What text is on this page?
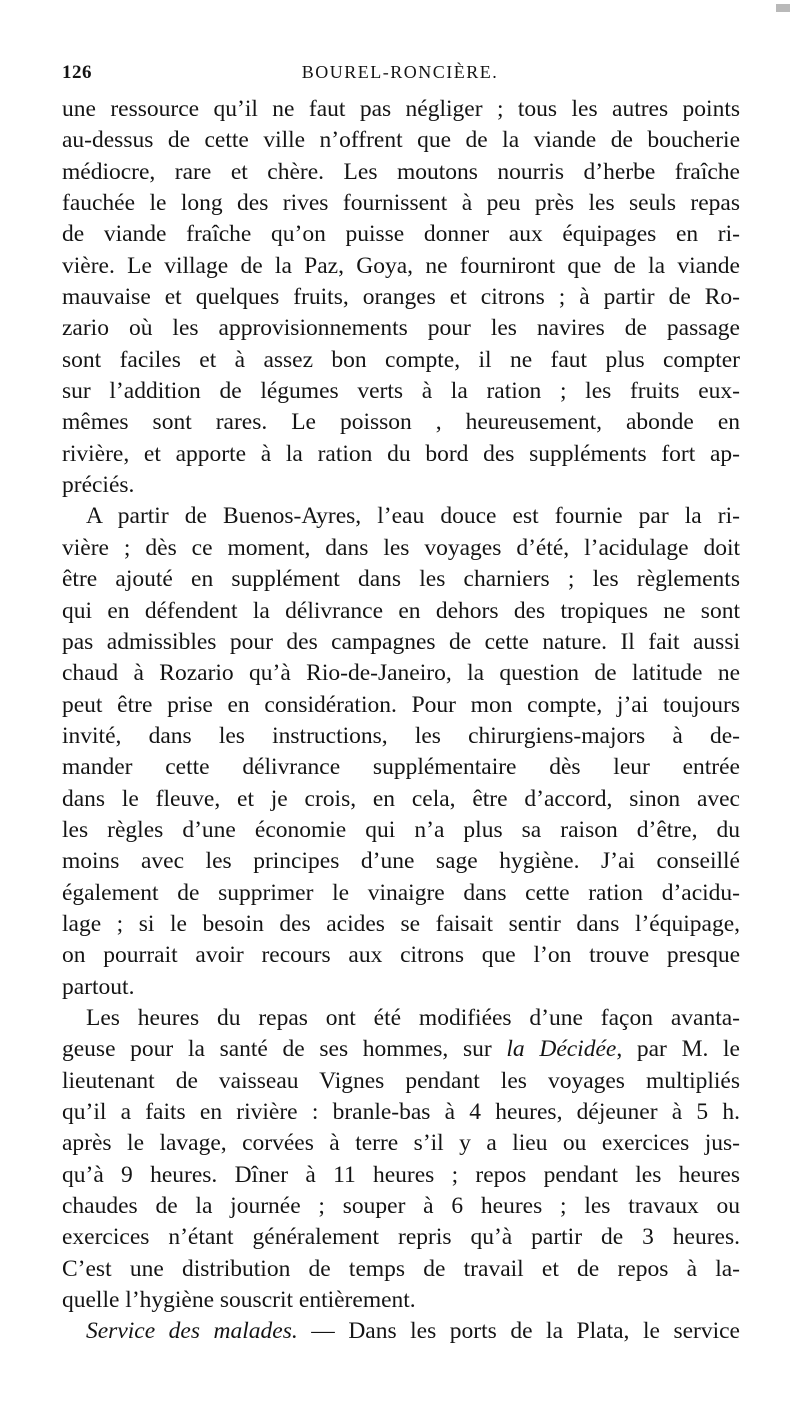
126	BOUREL-RONCIÈRE.
une ressource qu’il ne faut pas négliger ; tous les autres points
au-dessus de cette ville n’offrent que de la viande de boucherie
médiocre, rare et chère. Les moutons nourris d’herbe fraîche
fauchée le long des rives fournissent à peu près les seuls repas
de viande fraîche qu’on puisse donner aux équipages en ri-
vière. Le village de la Paz, Goya, ne fourniront que de la viande
mauvaise et quelques fruits, oranges et citrons ; à partir de Ro-
zario où les approvisionnements pour les navires de passage
sont faciles et à assez bon compte, il ne faut plus compter
sur l’addition de légumes verts à la ration ; les fruits eux-
mêmes sont rares. Le poisson , heureusement, abonde en
rivière, et apporte à la ration du bord des suppléments fort ap-
préciés.
A partir de Buenos-Ayres, l’eau douce est fournie par la ri-
vière ; dès ce moment, dans les voyages d’été, l’acidulage doit
être ajouté en supplément dans les charniers ; les règlements
qui en défendent la délivrance en dehors des tropiques ne sont
pas admissibles pour des campagnes de cette nature. Il fait aussi
chaud à Rozario qu’à Rio-de-Janeiro, la question de latitude ne
peut être prise en considération. Pour mon compte, j’ai toujours
invité, dans les instructions, les chirurgiens-majors à de-
mander cette délivrance supplémentaire dès leur entrée
dans le fleuve, et je crois, en cela, être d’accord, sinon avec
les règles d’une économie qui n’a plus sa raison d’être, du
moins avec les principes d’une sage hygiène. J’ai conseillé
également de supprimer le vinaigre dans cette ration d’acidu-
lage ; si le besoin des acides se faisait sentir dans l’équipage,
on pourrait avoir recours aux citrons que l’on trouve presque
partout.
Les heures du repas ont été modifiées d’une façon avanta-
geuse pour la santé de ses hommes, sur la Décidée, par M. le
lieutenant de vaisseau Vignes pendant les voyages multipliés
qu’il a faits en rivière : branle-bas à 4 heures, déjeuner à 5 h.
après le lavage, corvées à terre s’il y a lieu ou exercices jus-
qu’à 9 heures. Dîner à 11 heures ; repos pendant les heures
chaudes de la journée ; souper à 6 heures ; les travaux ou
exercices n’étant généralement repris qu’à partir de 3 heures.
C’est une distribution de temps de travail et de repos à la-
quelle l’hygiène souscrit entièrement.
Service des malades. — Dans les ports de la Plata, le service
